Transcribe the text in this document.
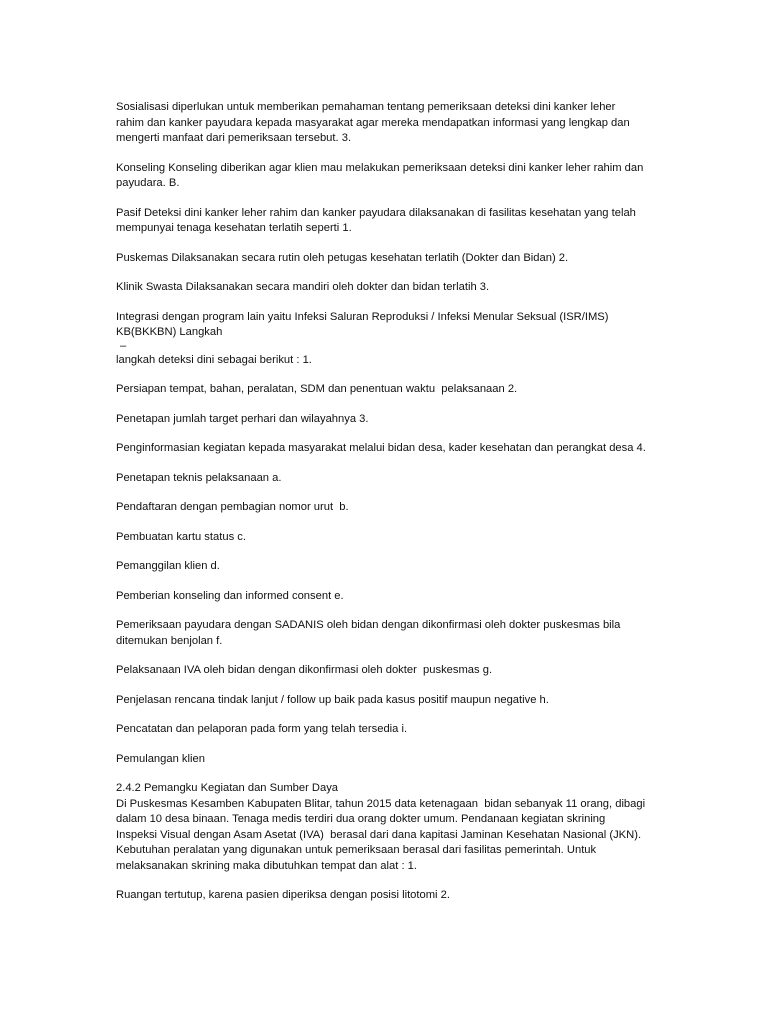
Sosialisasi diperlukan untuk memberikan pemahaman tentang pemeriksaan deteksi dini kanker leher rahim dan kanker payudara kepada masyarakat agar mereka mendapatkan informasi yang lengkap dan mengerti manfaat dari pemeriksaan tersebut. 3.

Konseling Konseling diberikan agar klien mau melakukan pemeriksaan deteksi dini kanker leher rahim dan payudara. B.

Pasif Deteksi dini kanker leher rahim dan kanker payudara dilaksanakan di fasilitas kesehatan yang telah mempunyai tenaga kesehatan terlatih seperti 1.

Puskemas Dilaksanakan secara rutin oleh petugas kesehatan terlatih (Dokter dan Bidan) 2.

Klinik Swasta Dilaksanakan secara mandiri oleh dokter dan bidan terlatih 3.

Integrasi dengan program lain yaitu Infeksi Saluran Reproduksi / Infeksi Menular Seksual (ISR/IMS)
KB(BKKBN) Langkah

–

langkah deteksi dini sebagai berikut : 1.

Persiapan tempat, bahan, peralatan, SDM dan penentuan waktu  pelaksanaan 2.

Penetapan jumlah target perhari dan wilayahnya 3.

Penginformasian kegiatan kepada masyarakat melalui bidan desa, kader kesehatan dan perangkat desa 4.

Penetapan teknis pelaksanaan a.

Pendaftaran dengan pembagian nomor urut  b.

Pembuatan kartu status c.

Pemanggilan klien d.

Pemberian konseling dan informed consent e.

Pemeriksaan payudara dengan SADANIS oleh bidan dengan dikonfirmasi oleh dokter puskesmas bila ditemukan benjolan f.

Pelaksanaan IVA oleh bidan dengan dikonfirmasi oleh dokter  puskesmas g.

Penjelasan rencana tindak lanjut / follow up baik pada kasus positif maupun negative h.

Pencatatan dan pelaporan pada form yang telah tersedia i.

Pemulangan klien

2.4.2 Pemangku Kegiatan dan Sumber Daya
Di Puskesmas Kesamben Kabupaten Blitar, tahun 2015 data ketenagaan  bidan sebanyak 11 orang, dibagi dalam 10 desa binaan. Tenaga medis terdiri dua orang dokter umum. Pendanaan kegiatan skrining Inspeksi Visual dengan Asam Asetat (IVA)  berasal dari dana kapitasi Jaminan Kesehatan Nasional (JKN). Kebutuhan peralatan yang digunakan untuk pemeriksaan berasal dari fasilitas pemerintah. Untuk melaksanakan skrining maka dibutuhkan tempat dan alat : 1.

Ruangan tertutup, karena pasien diperiksa dengan posisi litotomi 2.
